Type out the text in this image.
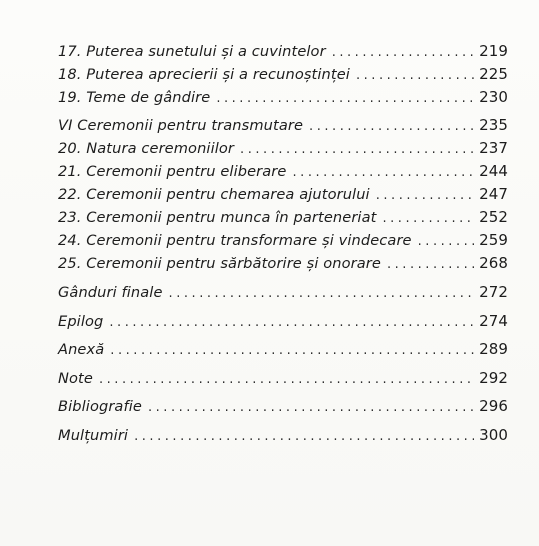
17. Puterea sunetului și a cuvintelor . . .	219
18. Puterea aprecierii și a recunoștinței . . .	225
19. Teme de gândire . . .	230
VI Ceremonii pentru transmutare . . .	235
20. Natura ceremoniilor . . .	237
21. Ceremonii pentru eliberare . . .	244
22. Ceremonii pentru chemarea ajutorului . . .	247
23. Ceremonii pentru munca în parteneriat . . .	252
24. Ceremonii pentru transformare și vindecare . . .	259
25. Ceremonii pentru sărbătorire și onorare . . .	268
Gânduri finale . . .	272
Epilog . . .	274
Anexă . . .	289
Note . . .	292
Bibliografie . . .	296
Mulțumiri . . .	300
